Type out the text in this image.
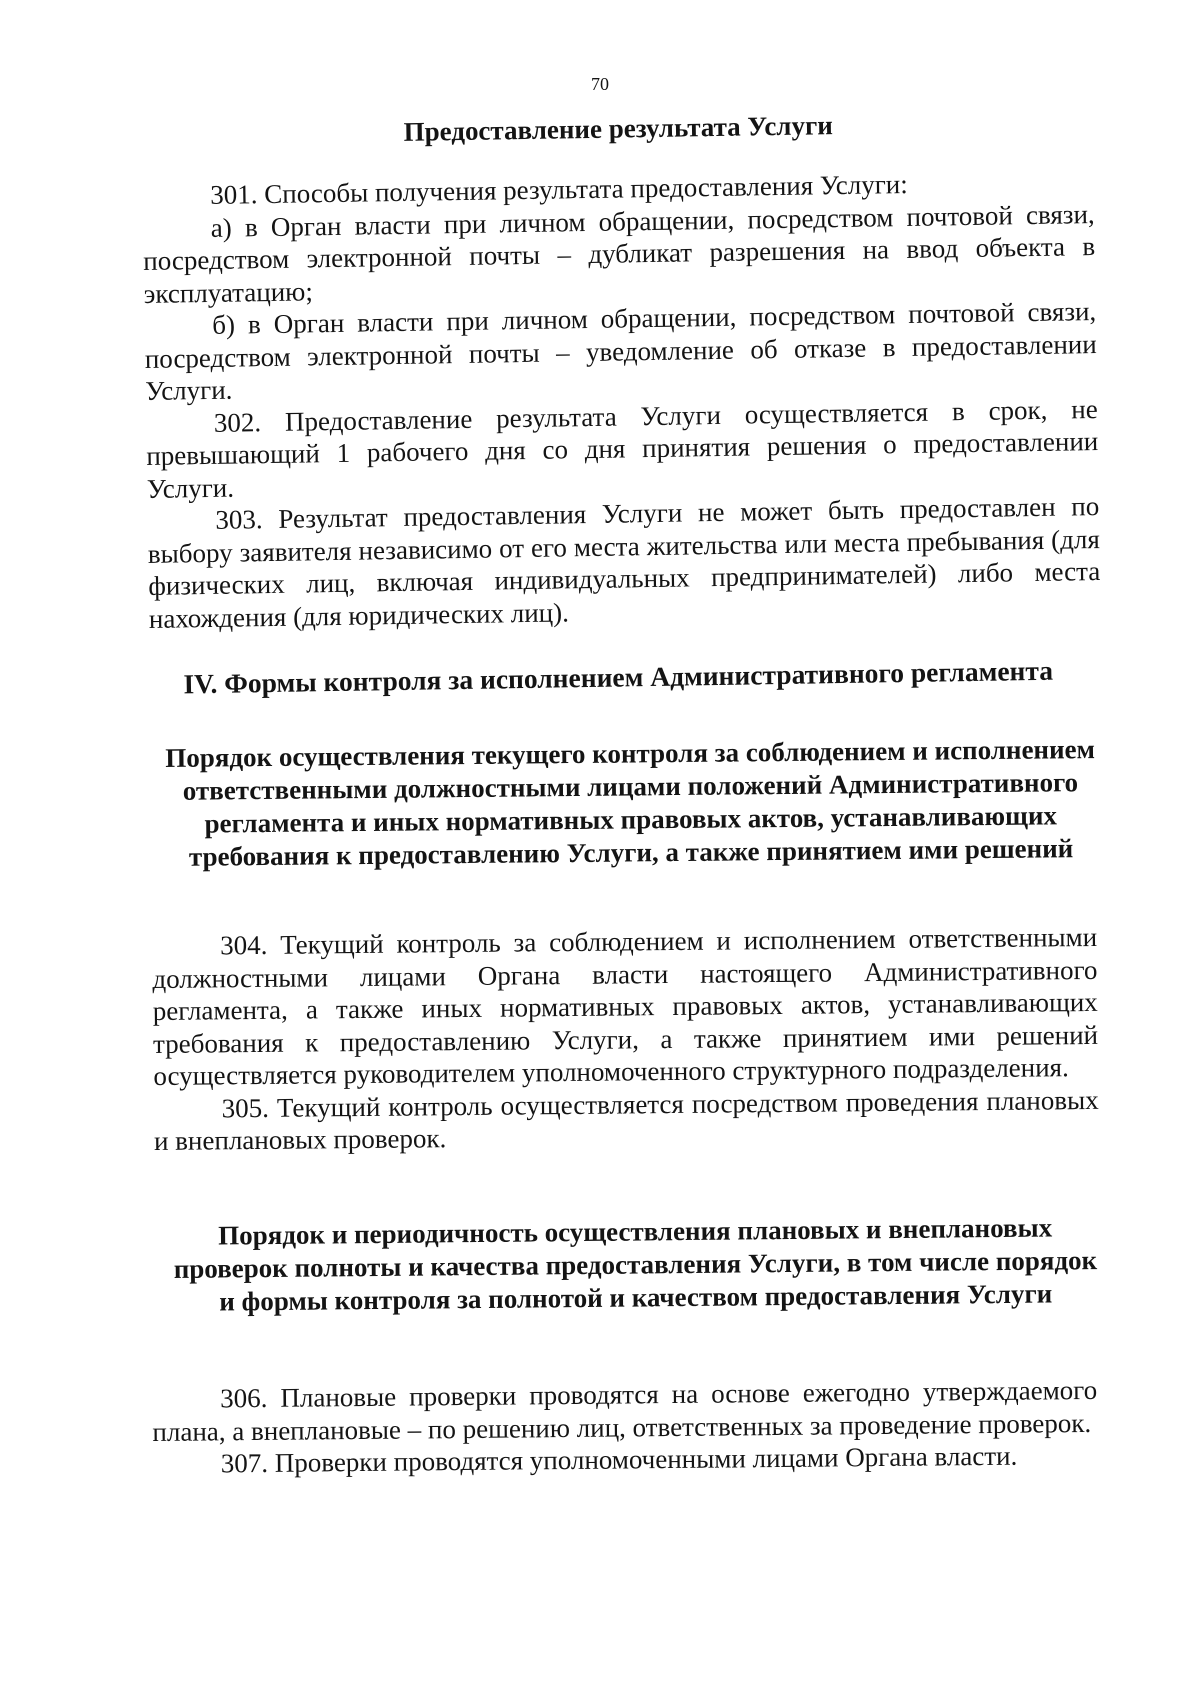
70

Предоставление результата Услуги

301. Способы получения результата предоставления Услуги:

а) в Орган власти при личном обращении, посредством почтовой связи, посредством электронной почты – дубликат разрешения на ввод объекта в эксплуатацию;

б) в Орган власти при личном обращении, посредством почтовой связи, посредством электронной почты – уведомление об отказе в предоставлении Услуги.

302. Предоставление результата Услуги осуществляется в срок, не превышающий 1 рабочего дня со дня принятия решения о предоставлении Услуги.

303. Результат предоставления Услуги не может быть предоставлен по выбору заявителя независимо от его места жительства или места пребывания (для физических лиц, включая индивидуальных предпринимателей) либо места нахождения (для юридических лиц).

IV. Формы контроля за исполнением Административного регламента

Порядок осуществления текущего контроля за соблюдением и исполнением ответственными должностными лицами положений Административного регламента и иных нормативных правовых актов, устанавливающих требования к предоставлению Услуги, а также принятием ими решений

304. Текущий контроль за соблюдением и исполнением ответственными должностными лицами Органа власти настоящего Административного регламента, а также иных нормативных правовых актов, устанавливающих требования к предоставлению Услуги, а также принятием ими решений осуществляется руководителем уполномоченного структурного подразделения.

305. Текущий контроль осуществляется посредством проведения плановых и внеплановых проверок.

Порядок и периодичность осуществления плановых и внеплановых проверок полноты и качества предоставления Услуги, в том числе порядок и формы контроля за полнотой и качеством предоставления Услуги

306. Плановые проверки проводятся на основе ежегодно утверждаемого плана, а внеплановые – по решению лиц, ответственных за проведение проверок.

307. Проверки проводятся уполномоченными лицами Органа власти.
